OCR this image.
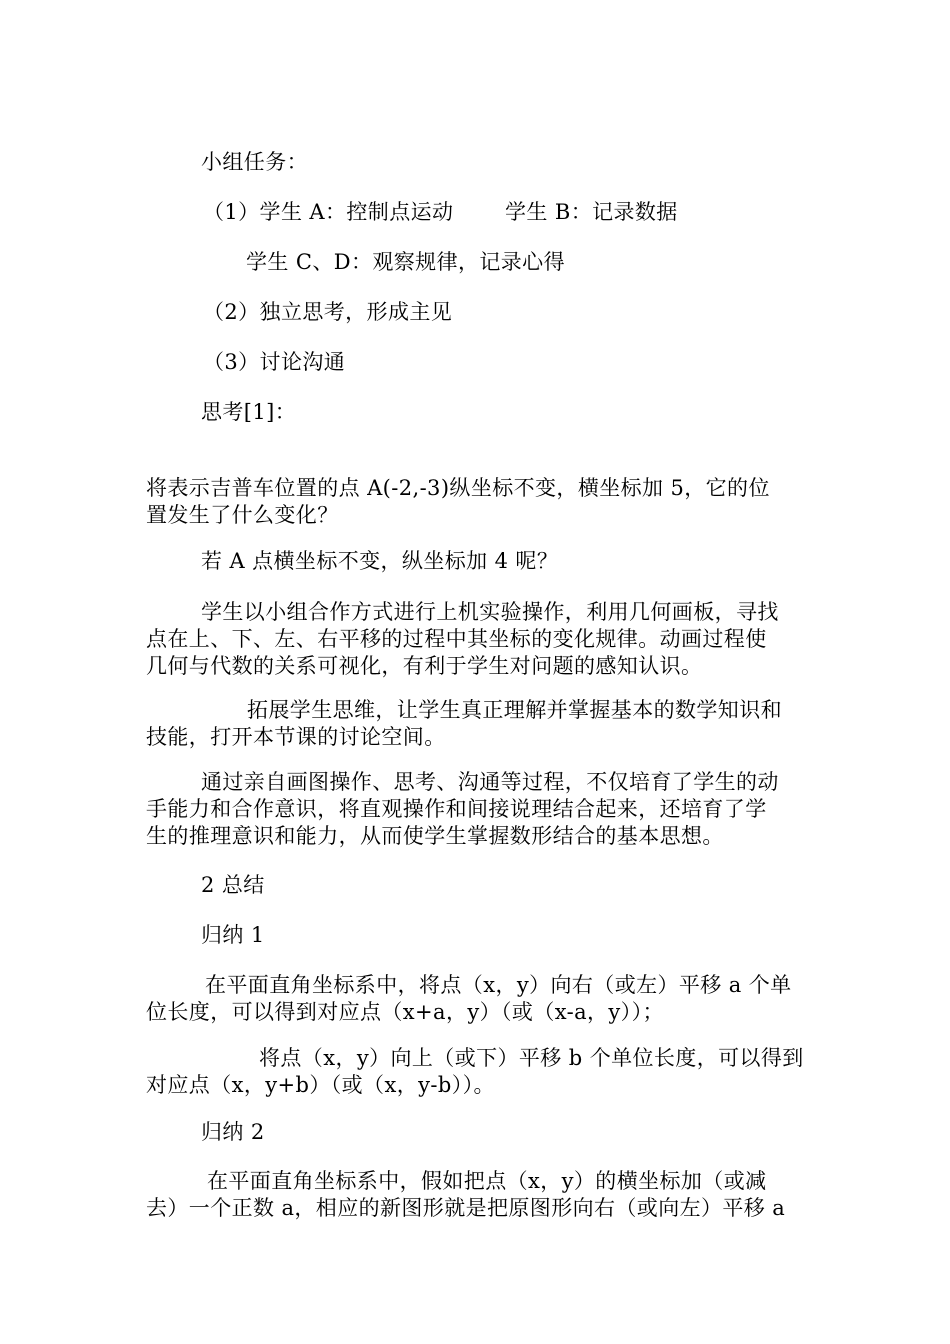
小组任务：
（1）学生 A：控制点运动 学生 B：记录数据
学生 C、D：观察规律，记录心得
（2）独立思考，形成主见
（3）讨论沟通
思考[1]：
将表示吉普车位置的点 A(-2,-3)纵坐标不变，横坐标加 5，它的位
置发生了什么变化？
若 A 点横坐标不变，纵坐标加 4 呢？
学生以小组合作方式进行上机实验操作，利用几何画板，寻找
点在上、下、左、右平移的过程中其坐标的变化规律。动画过程使
几何与代数的关系可视化，有利于学生对问题的感知认识。
拓展学生思维，让学生真正理解并掌握基本的数学知识和
技能，打开本节课的讨论空间。
通过亲自画图操作、思考、沟通等过程，不仅培育了学生的动
手能力和合作意识，将直观操作和间接说理结合起来，还培育了学
生的推理意识和能力，从而使学生掌握数形结合的基本思想。
2 总结
归纳 1
在平面直角坐标系中，将点（x，y）向右（或左）平移 a 个单
位长度，可以得到对应点（x+a，y）（或（x-a，y））；
将点（x，y）向上（或下）平移 b 个单位长度，可以得到
对应点（x，y+b）（或（x，y-b））。
归纳 2
在平面直角坐标系中，假如把点（x，y）的横坐标加（或减
去）一个正数 a，相应的新图形就是把原图形向右（或向左）平移 a
